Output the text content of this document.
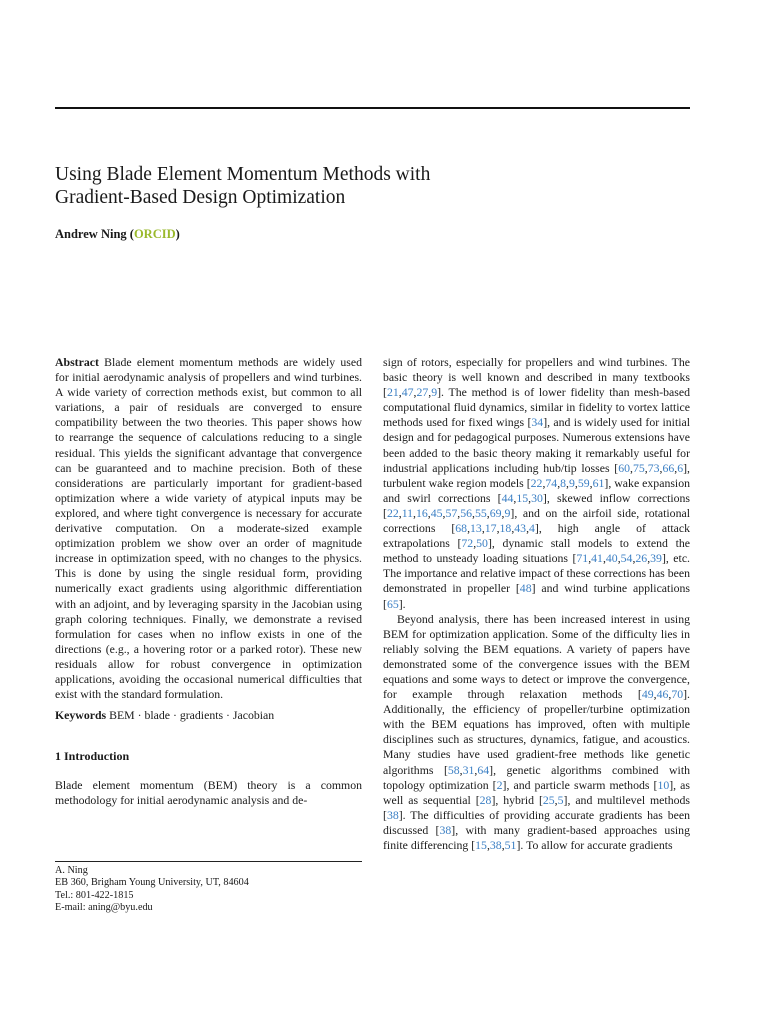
Using Blade Element Momentum Methods with
Gradient-Based Design Optimization
Andrew Ning (ORCID)

Abstract Blade element momentum methods are widely used for initial aerodynamic analysis of propellers and wind turbines. A wide variety of correction methods exist, but common to all variations, a pair of residuals are converged to ensure compatibility between the two theories. This paper shows how to rearrange the sequence of calculations reducing to a single residual. This yields the significant advantage that convergence can be guaranteed and to machine precision. Both of these considerations are particularly important for gradient-based optimization where a wide variety of atypical inputs may be explored, and where tight convergence is necessary for accurate derivative computation. On a moderate-sized example optimization problem we show over an order of magnitude increase in optimization speed, with no changes to the physics. This is done by using the single residual form, providing numerically exact gradients using algorithmic differentiation with an adjoint, and by leveraging sparsity in the Jacobian using graph coloring techniques. Finally, we demonstrate a revised formulation for cases when no inflow exists in one of the directions (e.g., a hovering rotor or a parked rotor). These new residuals allow for robust convergence in optimization applications, avoiding the occasional numerical difficulties that exist with the standard formulation.

Keywords BEM · blade · gradients · Jacobian

1 Introduction

Blade element momentum (BEM) theory is a common methodology for initial aerodynamic analysis and de-

A. Ning
EB 360, Brigham Young University, UT, 84604
Tel.: 801-422-1815
E-mail: aning@byu.edu

sign of rotors, especially for propellers and wind turbines. The basic theory is well known and described in many textbooks [21,47,27,9]. The method is of lower fidelity than mesh-based computational fluid dynamics, similar in fidelity to vortex lattice methods used for fixed wings [34], and is widely used for initial design and for pedagogical purposes. Numerous extensions have been added to the basic theory making it remarkably useful for industrial applications including hub/tip losses [60,75,73,66,6], turbulent wake region models [22,74,8,9,59,61], wake expansion and swirl corrections [44,15,30], skewed inflow corrections [22,11,16,45,57,56,55,69,9], and on the airfoil side, rotational corrections [68,13,17,18,43,4], high angle of attack extrapolations [72,50], dynamic stall models to extend the method to unsteady loading situations [71,41,40,54,26,39], etc. The importance and relative impact of these corrections has been demonstrated in propeller [48] and wind turbine applications [65].

Beyond analysis, there has been increased interest in using BEM for optimization application. Some of the difficulty lies in reliably solving the BEM equations. A variety of papers have demonstrated some of the convergence issues with the BEM equations and some ways to detect or improve the convergence, for example through relaxation methods [49,46,70]. Additionally, the efficiency of propeller/turbine optimization with the BEM equations has improved, often with multiple disciplines such as structures, dynamics, fatigue, and acoustics. Many studies have used gradient-free methods like genetic algorithms [58,31,64], genetic algorithms combined with topology optimization [2], and particle swarm methods [10], as well as sequential [28], hybrid [25,5], and multilevel methods [38]. The difficulties of providing accurate gradients has been discussed [38], with many gradient-based approaches using finite differencing [15,38,51]. To allow for accurate gradients
